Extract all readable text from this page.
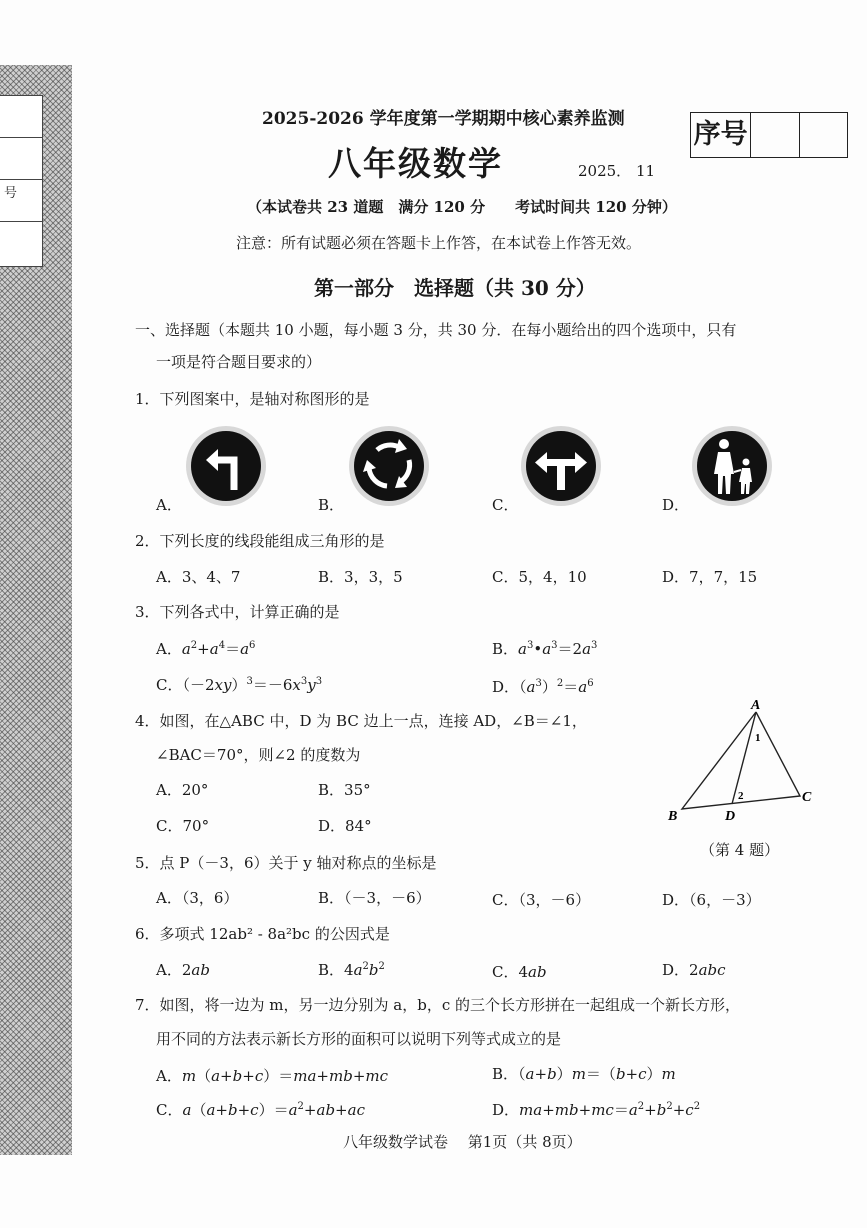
号
序号
2025-2026 学年度第一学期期中核心素养监测
八年级数学	2025． 11
（本试卷共 23 道题　满分 120 分　　考试时间共 120 分钟）
注意：所有试题必须在答题卡上作答，在本试卷上作答无效。
第一部分　选择题（共 30 分）
一、选择题（本题共 10 小题，每小题 3 分，共 30 分．在每小题给出的四个选项中，只有
一项是符合题目要求的）
1．下列图案中，是轴对称图形的是
A．	B．	C．	D．
2．下列长度的线段能组成三角形的是
A．3、4、7	B．3，3，5	C．5，4，10	D．7，7，15
3．下列各式中，计算正确的是
A．$a^2+a^4=a^6$	B．$a^3•a^3=2a^3$
C．$(-2xy)^3=-6x^3y^3$	D．$(a^3)^2=a^6$
4．如图，在△ABC 中，D 为 BC 边上一点，连接 AD，∠B＝∠1，
∠BAC＝70°，则∠2 的度数为
A．20°	B．35°
C．70°	D．84°
A
B
C
D
1
2
（第 4 题）
5．点 P（－3，6）关于 y 轴对称点的坐标是
A．（3，6）	B．（－3，－6）	C．（3，－6）	D．（6，－3）
6．多项式 12ab² - 8a²bc 的公因式是
A．2ab	B．$4a^2b^2$	C．4ab	D．2abc
7．如图，将一边为 m，另一边分别为 a，b，c 的三个长方形拼在一起组成一个新长方形，
用不同的方法表示新长方形的面积可以说明下列等式成立的是
A．m（a+b+c）＝ma+mb+mc	B．（a+b）m＝（b+c）m
C．$a(a+b+c)=a^2+ab+ac$	D．$ma+mb+mc=a^2+b^2+c^2$
八年级数学试卷　 第1页（共 8页）
